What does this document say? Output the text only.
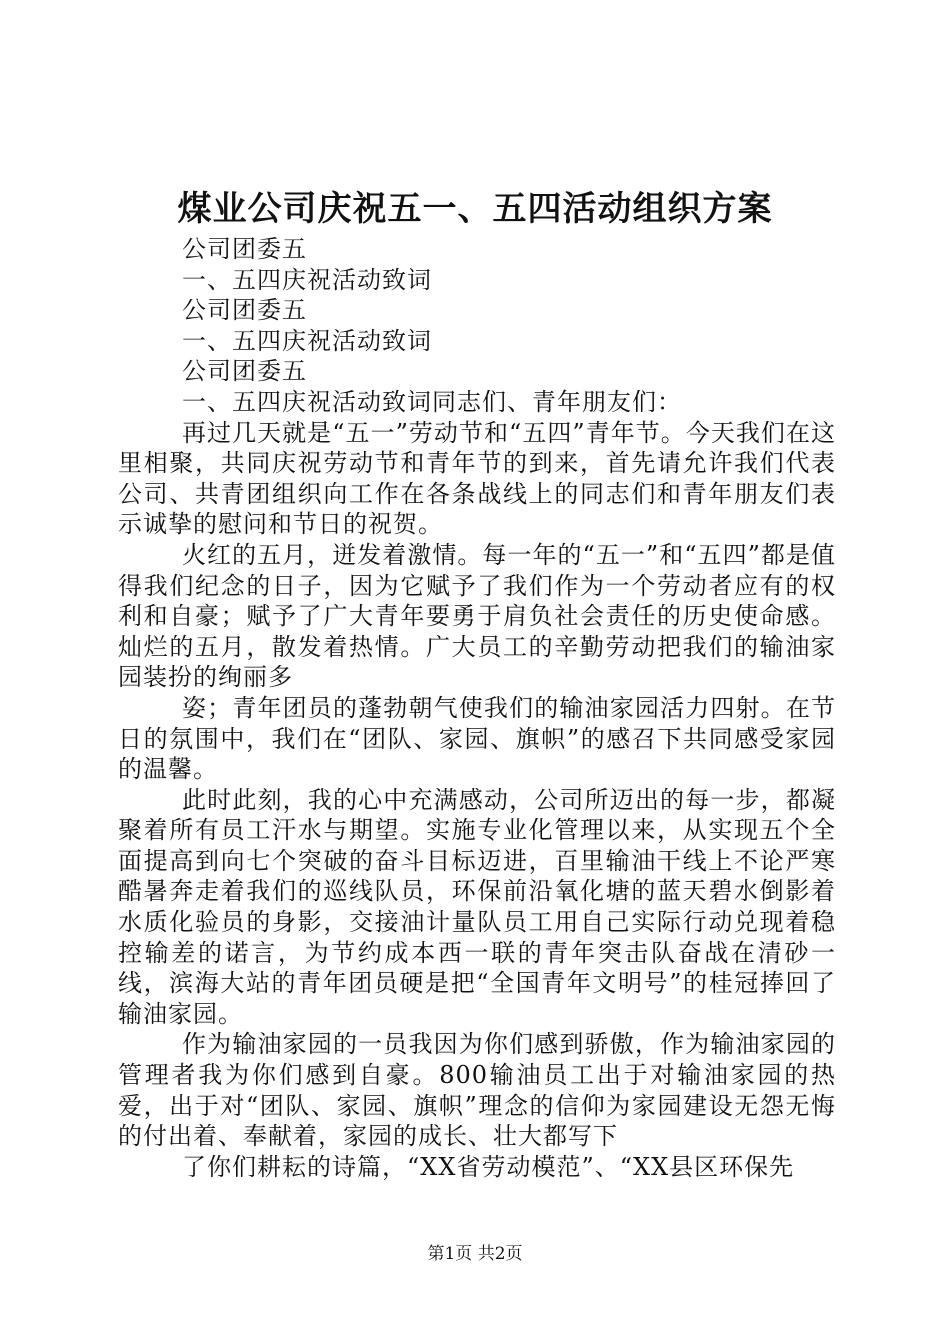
煤业公司庆祝五一、五四活动组织方案

公司团委五

一、五四庆祝活动致词

公司团委五

一、五四庆祝活动致词

公司团委五

一、五四庆祝活动致词同志们、青年朋友们：

再过几天就是“五一”劳动节和“五四”青年节。今天我们在这里相聚，共同庆祝劳动节和青年节的到来，首先请允许我们代表公司、共青团组织向工作在各条战线上的同志们和青年朋友们表示诚挚的慰问和节日的祝贺。

火红的五月，迸发着激情。每一年的“五一”和“五四”都是值得我们纪念的日子，因为它赋予了我们作为一个劳动者应有的权利和自豪；赋予了广大青年要勇于肩负社会责任的历史使命感。灿烂的五月，散发着热情。广大员工的辛勤劳动把我们的输油家园装扮的绚丽多

姿；青年团员的蓬勃朝气使我们的输油家园活力四射。在节日的氛围中，我们在“团队、家园、旗帜”的感召下共同感受家园的温馨。

此时此刻，我的心中充满感动，公司所迈出的每一步，都凝聚着所有员工汗水与期望。实施专业化管理以来，从实现五个全面提高到向七个突破的奋斗目标迈进，百里输油干线上不论严寒酷暑奔走着我们的巡线队员，环保前沿氧化塘的蓝天碧水倒影着水质化验员的身影，交接油计量队员工用自己实际行动兑现着稳控输差的诺言，为节约成本西一联的青年突击队奋战在清砂一线，滨海大站的青年团员硬是把“全国青年文明号”的桂冠捧回了输油家园。

作为输油家园的一员我因为你们感到骄傲，作为输油家园的管理者我为你们感到自豪。800输油员工出于对输油家园的热爱，出于对“团队、家园、旗帜”理念的信仰为家园建设无怨无悔的付出着、奉献着，家园的成长、壮大都写下

了你们耕耘的诗篇，“XX省劳动模范”、“XX县区环保先

第1页 共2页
